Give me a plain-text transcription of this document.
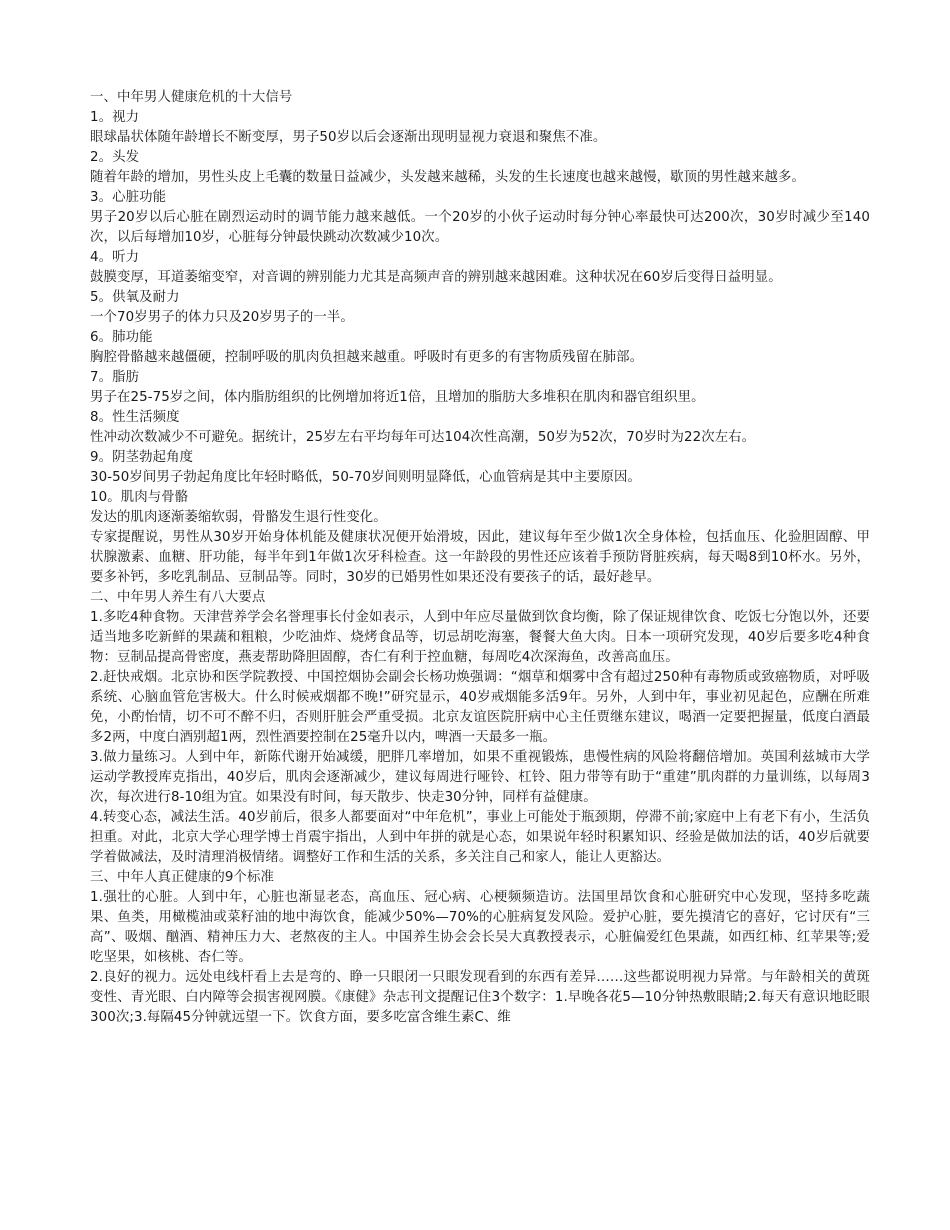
一、中年男人健康危机的十大信号

1。视力

眼球晶状体随年龄增长不断变厚，男子50岁以后会逐渐出现明显视力衰退和聚焦不准。

2。头发

随着年龄的增加，男性头皮上毛囊的数量日益减少，头发越来越稀，头发的生长速度也越来越慢，歇顶的男性越来越多。

3。心脏功能

男子20岁以后心脏在剧烈运动时的调节能力越来越低。一个20岁的小伙子运动时每分钟心率最快可达200次，30岁时减少至140次，以后每增加10岁，心脏每分钟最快跳动次数减少10次。

4。听力

鼓膜变厚，耳道萎缩变窄，对音调的辨别能力尤其是高频声音的辨别越来越困难。这种状况在60岁后变得日益明显。

5。供氧及耐力

一个70岁男子的体力只及20岁男子的一半。

6。肺功能

胸腔骨骼越来越僵硬，控制呼吸的肌肉负担越来越重。呼吸时有更多的有害物质残留在肺部。

7。脂肪

男子在25-75岁之间，体内脂肪组织的比例增加将近1倍，且增加的脂肪大多堆积在肌肉和器官组织里。

8。性生活频度

性冲动次数减少不可避免。据统计，25岁左右平均每年可达104次性高潮，50岁为52次，70岁时为22次左右。

9。阴茎勃起角度

30-50岁间男子勃起角度比年轻时略低，50-70岁间则明显降低，心血管病是其中主要原因。

10。肌肉与骨骼

发达的肌肉逐渐萎缩软弱，骨骼发生退行性变化。

专家提醒说，男性从30岁开始身体机能及健康状况便开始滑坡，因此，建议每年至少做1次全身体检，包括血压、化验胆固醇、甲状腺激素、血糖、肝功能，每半年到1年做1次牙科检查。这一年龄段的男性还应该着手预防肾脏疾病，每天喝8到10杯水。另外，要多补钙，多吃乳制品、豆制品等。同时，30岁的已婚男性如果还没有要孩子的话，最好趁早。

二、中年男人养生有八大要点

1.多吃4种食物。天津营养学会名誉理事长付金如表示，人到中年应尽量做到饮食均衡，除了保证规律饮食、吃饭七分饱以外，还要适当地多吃新鲜的果蔬和粗粮，少吃油炸、烧烤食品等，切忌胡吃海塞，餐餐大鱼大肉。日本一项研究发现，40岁后要多吃4种食物：豆制品提高骨密度，燕麦帮助降胆固醇，杏仁有利于控血糖，每周吃4次深海鱼，改善高血压。

2.赶快戒烟。北京协和医学院教授、中国控烟协会副会长杨功焕强调：“烟草和烟雾中含有超过250种有毒物质或致癌物质，对呼吸系统、心脑血管危害极大。什么时候戒烟都不晚!”研究显示，40岁戒烟能多活9年。另外，人到中年，事业初见起色，应酬在所难免，小酌怡情，切不可不醉不归，否则肝脏会严重受损。北京友谊医院肝病中心主任贾继东建议，喝酒一定要把握量，低度白酒最多2两，中度白酒别超1两，烈性酒要控制在25毫升以内，啤酒一天最多一瓶。

3.做力量练习。人到中年，新陈代谢开始减缓，肥胖几率增加，如果不重视锻炼，患慢性病的风险将翻倍增加。英国利兹城市大学运动学教授库克指出，40岁后，肌肉会逐渐减少，建议每周进行哑铃、杠铃、阻力带等有助于“重建”肌肉群的力量训练，以每周3次，每次进行8-10组为宜。如果没有时间，每天散步、快走30分钟，同样有益健康。

4.转变心态，减法生活。40岁前后，很多人都要面对“中年危机”，事业上可能处于瓶颈期，停滞不前;家庭中上有老下有小，生活负担重。对此，北京大学心理学博士肖震宇指出，人到中年拼的就是心态，如果说年轻时积累知识、经验是做加法的话，40岁后就要学着做减法，及时清理消极情绪。调整好工作和生活的关系，多关注自己和家人，能让人更豁达。

三、中年人真正健康的9个标准

1.强壮的心脏。人到中年，心脏也渐显老态，高血压、冠心病、心梗频频造访。法国里昂饮食和心脏研究中心发现，坚持多吃蔬果、鱼类，用橄榄油或菜籽油的地中海饮食，能减少50%—70%的心脏病复发风险。爱护心脏，要先摸清它的喜好，它讨厌有“三高”、吸烟、酗酒、精神压力大、老熬夜的主人。中国养生协会会长吴大真教授表示，心脏偏爱红色果蔬，如西红柿、红苹果等;爱吃坚果，如核桃、杏仁等。

2.良好的视力。远处电线杆看上去是弯的、睁一只眼闭一只眼发现看到的东西有差异……这些都说明视力异常。与年龄相关的黄斑变性、青光眼、白内障等会损害视网膜。《康健》杂志刊文提醒记住3个数字：1.早晚各花5—10分钟热敷眼睛;2.每天有意识地眨眼300次;3.每隔45分钟就远望一下。饮食方面，要多吃富含维生素C、维
